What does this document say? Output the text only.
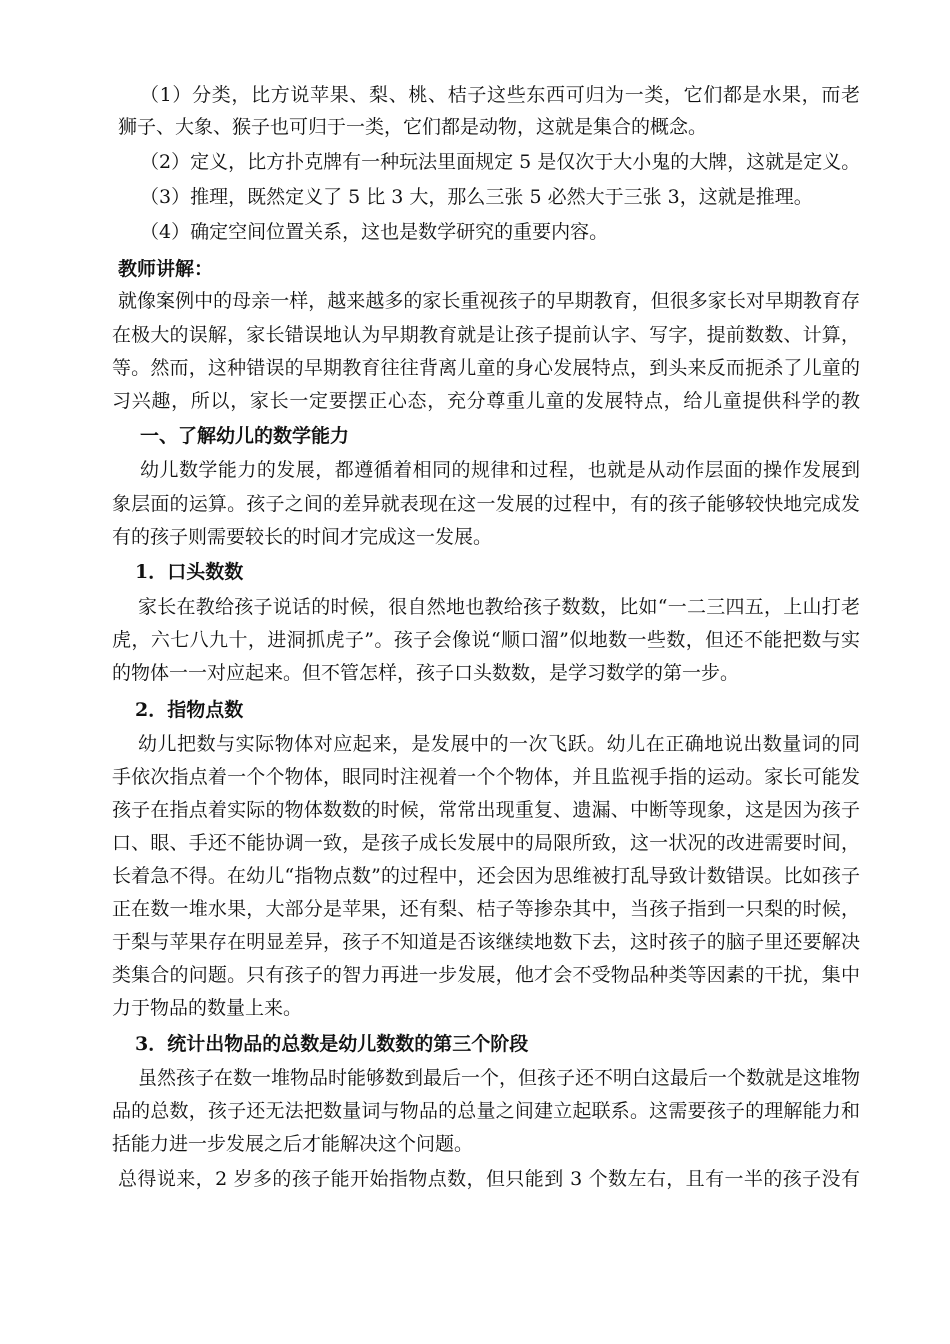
（1）分类，比方说苹果、梨、桃、桔子这些东西可归为一类，它们都是水果，而老
狮子、大象、猴子也可归于一类，它们都是动物，这就是集合的概念。
（2）定义，比方扑克牌有一种玩法里面规定 5 是仅次于大小鬼的大牌，这就是定义。
（3）推理，既然定义了 5 比 3 大，那么三张 5 必然大于三张 3，这就是推理。
（4）确定空间位置关系，这也是数学研究的重要内容。
教师讲解：
就像案例中的母亲一样，越来越多的家长重视孩子的早期教育，但很多家长对早期教育存
在极大的误解，家长错误地认为早期教育就是让孩子提前认字、写字，提前数数、计算，
等。然而，这种错误的早期教育往往背离儿童的身心发展特点，到头来反而扼杀了儿童的
习兴趣，所以，家长一定要摆正心态，充分尊重儿童的发展特点，给儿童提供科学的教
一、了解幼儿的数学能力
幼儿数学能力的发展，都遵循着相同的规律和过程，也就是从动作层面的操作发展到
象层面的运算。孩子之间的差异就表现在这一发展的过程中，有的孩子能够较快地完成发
有的孩子则需要较长的时间才完成这一发展。
1．口头数数
家长在教给孩子说话的时候，很自然地也教给孩子数数，比如“一二三四五，上山打老
虎，六七八九十，进洞抓虎子”。孩子会像说“顺口溜”似地数一些数，但还不能把数与实
的物体一一对应起来。但不管怎样，孩子口头数数，是学习数学的第一步。
2．指物点数
幼儿把数与实际物体对应起来，是发展中的一次飞跃。幼儿在正确地说出数量词的同
手依次指点着一个个物体，眼同时注视着一个个物体，并且监视手指的运动。家长可能发
孩子在指点着实际的物体数数的时候，常常出现重复、遗漏、中断等现象，这是因为孩子
口、眼、手还不能协调一致，是孩子成长发展中的局限所致，这一状况的改进需要时间，
长着急不得。在幼儿“指物点数”的过程中，还会因为思维被打乱导致计数错误。比如孩子
正在数一堆水果，大部分是苹果，还有梨、桔子等掺杂其中，当孩子指到一只梨的时候，
于梨与苹果存在明显差异，孩子不知道是否该继续地数下去，这时孩子的脑子里还要解决
类集合的问题。只有孩子的智力再进一步发展，他才会不受物品种类等因素的干扰，集中
力于物品的数量上来。
3．统计出物品的总数是幼儿数数的第三个阶段
虽然孩子在数一堆物品时能够数到最后一个，但孩子还不明白这最后一个数就是这堆物
品的总数，孩子还无法把数量词与物品的总量之间建立起联系。这需要孩子的理解能力和
括能力进一步发展之后才能解决这个问题。
总得说来，2 岁多的孩子能开始指物点数，但只能到 3 个数左右，且有一半的孩子没有
